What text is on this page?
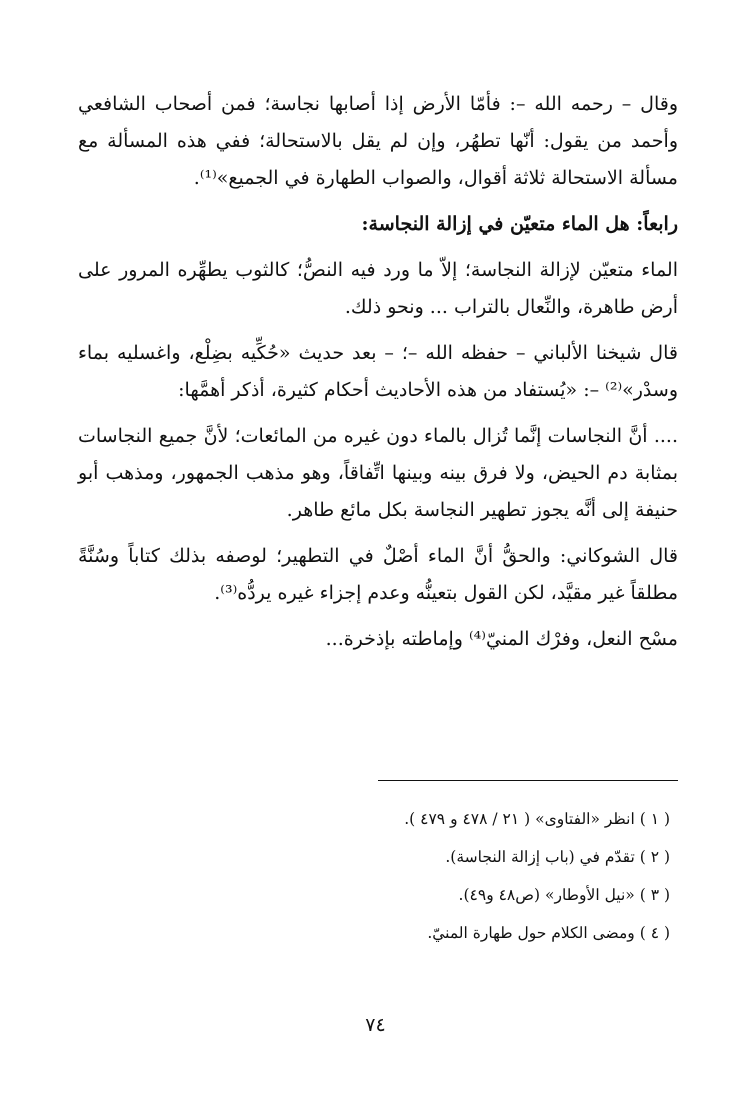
وقال – رحمه الله –: فأمّا الأرض إذا أصابها نجاسة؛ فمن أصحاب الشافعي وأحمد من يقول: أنّها تطهُر، وإن لم يقل بالاستحالة؛ ففي هذه المسألة مع مسألة الاستحالة ثلاثة أقوال، والصواب الطهارة في الجميع»⁽¹⁾.

رابعاً: هل الماء متعيّن في إزالة النجاسة:

الماء متعيّن لإزالة النجاسة؛ إلاّ ما ورد فيه النصُّ؛ كالثوب يطهِّره المرور على أرض طاهرة، والنِّعال بالتراب ... ونحو ذلك.

قال شيخنا الألباني – حفظه الله –؛ – بعد حديث «حُكِّيه بضِلْع، واغسليه بماء وسدْر»⁽²⁾ –: «يُستفاد من هذه الأحاديث أحكام كثيرة، أذكر أهمَّها:

.... أنَّ النجاسات إنَّما تُزال بالماء دون غيره من المائعات؛ لأنَّ جميع النجاسات بمثابة دم الحيض، ولا فرق بينه وبينها اتِّفاقاً، وهو مذهب الجمهور، ومذهب أبو حنيفة إلى أنَّه يجوز تطهير النجاسة بكل مائع طاهر.

قال الشوكاني: والحقُّ أنَّ الماء أصْلٌ في التطهير؛ لوصفه بذلك كتاباً وسُنَّةً مطلقاً غير مقيَّد، لكن القول بتعينُّه وعدم إجزاء غيره يردُّه⁽³⁾.

مسْح النعل، وفرْك المنيّ⁽⁴⁾ وإماطته بإذخرة...

( ١ ) انظر «الفتاوى» ( ٢١ / ٤٧٨ و ٤٧٩ ).

( ٢ ) تقدّم في (باب إزالة النجاسة).

( ٣ ) «نيل الأوطار» (ص٤٨ و٤٩).

( ٤ ) ومضى الكلام حول طهارة المنيّ.

٧٤
